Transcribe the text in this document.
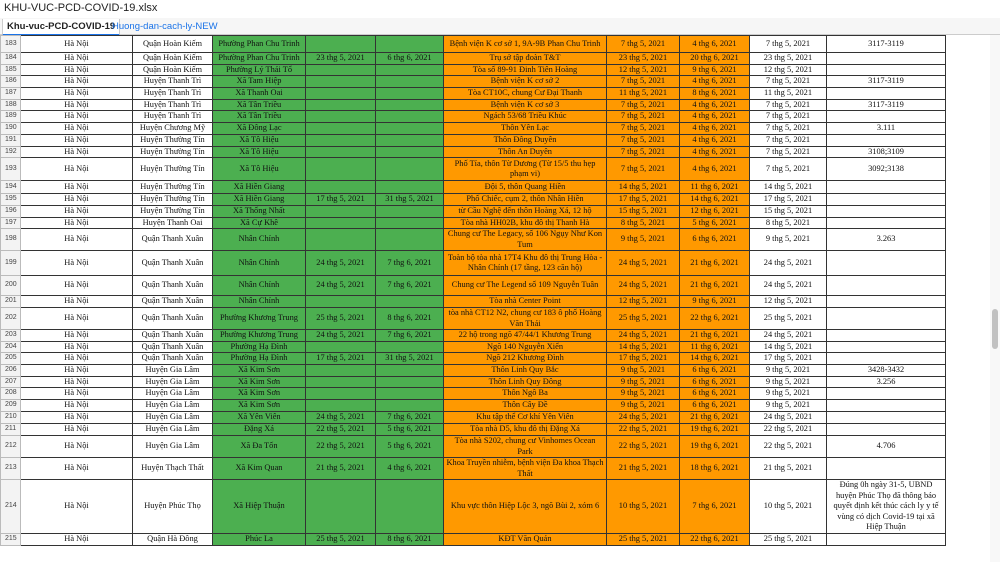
KHU-VUC-PCD-COVID-19.xlsx
Khu-vuc-PCD-COVID-19
Huong-dan-cach-ly-NEW
183	Hà Nội	Quận Hoàn Kiếm	Phường Phan Chu Trinh			Bệnh viện K cơ sở 1, 9A-9B Phan Chu Trinh	7 thg 5, 2021	4 thg 6, 2021	7 thg 5, 2021	3117-3119
184	Hà Nội	Quận Hoàn Kiếm	Phường Phan Chu Trinh	23 thg 5, 2021	6 thg 6, 2021	Trụ sở tập đoàn T&T	23 thg 5, 2021	20 thg 6, 2021	23 thg 5, 2021	
185	Hà Nội	Quận Hoàn Kiếm	Phường Lý Thái Tổ			Tòa số 89-91 Đinh Tiên Hoàng	12 thg 5, 2021	9 thg 6, 2021	12 thg 5, 2021	
186	Hà Nội	Huyện Thanh Trì	Xã Tam Hiệp			Bệnh viện K cơ sở 2	7 thg 5, 2021	4 thg 6, 2021	7 thg 5, 2021	3117-3119
187	Hà Nội	Huyện Thanh Trì	Xã Thanh Oai			Tòa CT10C, chung Cư Đại Thanh	11 thg 5, 2021	8 thg 6, 2021	11 thg 5, 2021	
188	Hà Nội	Huyện Thanh Trì	Xã Tân Triều			Bệnh viện K cơ sở 3	7 thg 5, 2021	4 thg 6, 2021	7 thg 5, 2021	3117-3119
189	Hà Nội	Huyện Thanh Trì	Xã Tân Triều			Ngách 53/68 Triều Khúc	7 thg 5, 2021	4 thg 6, 2021	7 thg 5, 2021	
190	Hà Nội	Huyện Chương Mỹ	Xã Đông Lạc			Thôn Yên Lạc	7 thg 5, 2021	4 thg 6, 2021	7 thg 5, 2021	3.111
191	Hà Nội	Huyện Thường Tín	Xã Tô Hiệu			Thôn Đông Duyên	7 thg 5, 2021	4 thg 6, 2021	7 thg 5, 2021	
192	Hà Nội	Huyện Thường Tín	Xã Tô Hiệu			Thôn An Duyên	7 thg 5, 2021	4 thg 6, 2021	7 thg 5, 2021	3108;3109
193	Hà Nội	Huyện Thường Tín	Xã Tô Hiệu			Phố Tía, thôn Từ Dương (Từ 15/5 thu hẹp phạm vi)	7 thg 5, 2021	4 thg 6, 2021	7 thg 5, 2021	3092;3138
194	Hà Nội	Huyện Thường Tín	Xã Hiền Giang			Đội 5, thôn Quang Hiền	14 thg 5, 2021	11 thg 6, 2021	14 thg 5, 2021	
195	Hà Nội	Huyện Thường Tín	Xã Hiền Giang	17 thg 5, 2021	31 thg 5, 2021	Phố Chiếc, cụm 2, thôn Nhân Hiền	17 thg 5, 2021	14 thg 6, 2021	17 thg 5, 2021	
196	Hà Nội	Huyện Thường Tín	Xã Thống Nhất			từ Cầu Nghệ đến thôn Hoàng Xá, 12 hộ	15 thg 5, 2021	12 thg 6, 2021	15 thg 5, 2021	
197	Hà Nội	Huyện Thanh Oai	Xã Cự Khê			Tòa nhà HH02B, khu đô thị Thanh Hà	8 thg 5, 2021	5 thg 6, 2021	8 thg 5, 2021	
198	Hà Nội	Quận Thanh Xuân	Nhân Chính			Chung cư The Legacy, số 106 Ngụy Như Kon Tum	9 thg 5, 2021	6 thg 6, 2021	9 thg 5, 2021	3.263
199	Hà Nội	Quận Thanh Xuân	Nhân Chính	24 thg 5, 2021	7 thg 6, 2021	Toàn bộ tòa nhà 17T4 Khu đô thị Trung Hòa - Nhân Chính (17 tầng, 123 căn hộ)	24 thg 5, 2021	21 thg 6, 2021	24 thg 5, 2021	
200	Hà Nội	Quận Thanh Xuân	Nhân Chính	24 thg 5, 2021	7 thg 6, 2021	Chung cư The Legend số 109 Nguyễn Tuân	24 thg 5, 2021	21 thg 6, 2021	24 thg 5, 2021	
201	Hà Nội	Quận Thanh Xuân	Nhân Chính			Tòa nhà Center Point	12 thg 5, 2021	9 thg 6, 2021	12 thg 5, 2021	
202	Hà Nội	Quận Thanh Xuân	Phường Khương Trung	25 thg 5, 2021	8 thg 6, 2021	tòa nhà CT12 N2, chung cư 183 ô phố Hoàng Văn Thái	25 thg 5, 2021	22 thg 6, 2021	25 thg 5, 2021	
203	Hà Nội	Quận Thanh Xuân	Phường Khương Trung	24 thg 5, 2021	7 thg 6, 2021	22 hộ trong ngõ 47/44/1 Khương Trung	24 thg 5, 2021	21 thg 6, 2021	24 thg 5, 2021	
204	Hà Nội	Quận Thanh Xuân	Phường Hạ Đình			Ngõ 140 Nguyễn Xiển	14 thg 5, 2021	11 thg 6, 2021	14 thg 5, 2021	
205	Hà Nội	Quận Thanh Xuân	Phường Hạ Đình	17 thg 5, 2021	31 thg 5, 2021	Ngõ 212 Khương Đình	17 thg 5, 2021	14 thg 6, 2021	17 thg 5, 2021	
206	Hà Nội	Huyện Gia Lâm	Xã Kim Sơn			Thôn Linh Quy Bắc	9 thg 5, 2021	6 thg 6, 2021	9 thg 5, 2021	3428-3432
207	Hà Nội	Huyện Gia Lâm	Xã Kim Sơn			Thôn Linh Quy Đông	9 thg 5, 2021	6 thg 6, 2021	9 thg 5, 2021	3.256
208	Hà Nội	Huyện Gia Lâm	Xã Kim Sơn			Thôn Ngô Ba	9 thg 5, 2021	6 thg 6, 2021	9 thg 5, 2021	
209	Hà Nội	Huyện Gia Lâm	Xã Kim Sơn			Thôn Cây Đề	9 thg 5, 2021	6 thg 6, 2021	9 thg 5, 2021	
210	Hà Nội	Huyện Gia Lâm	Xã Yên Viên	24 thg 5, 2021	7 thg 6, 2021	Khu tập thể Cơ khí Yên Viên	24 thg 5, 2021	21 thg 6, 2021	24 thg 5, 2021	
211	Hà Nội	Huyện Gia Lâm	Đặng Xá	22 thg 5, 2021	5 thg 6, 2021	Tòa nhà D5, khu đô thị Đặng Xá	22 thg 5, 2021	19 thg 6, 2021	22 thg 5, 2021	
212	Hà Nội	Huyện Gia Lâm	Xã Đa Tốn	22 thg 5, 2021	5 thg 6, 2021	Tòa nhà S202, chung cư Vinhomes Ocean Park	22 thg 5, 2021	19 thg 6, 2021	22 thg 5, 2021	4.706
213	Hà Nội	Huyện Thạch Thất	Xã Kim Quan	21 thg 5, 2021	4 thg 6, 2021	Khoa Truyền nhiễm, bệnh viện Đa khoa Thạch Thất	21 thg 5, 2021	18 thg 6, 2021	21 thg 5, 2021	
214	Hà Nội	Huyện Phúc Thọ	Xã Hiệp Thuận			Khu vực thôn Hiệp Lộc 3, ngõ Bùi 2, xóm 6	10 thg 5, 2021	7 thg 6, 2021	10 thg 5, 2021	Đúng 0h ngày 31-5, UBND huyện Phúc Thọ đã thông báo quyết định kết thúc cách ly y tế vùng có dịch Covid-19 tại xã Hiệp Thuận
215	Hà Nội	Quận Hà Đông	Phúc La	25 thg 5, 2021	8 thg 6, 2021	KĐT Văn Quán	25 thg 5, 2021	22 thg 6, 2021	25 thg 5, 2021	
